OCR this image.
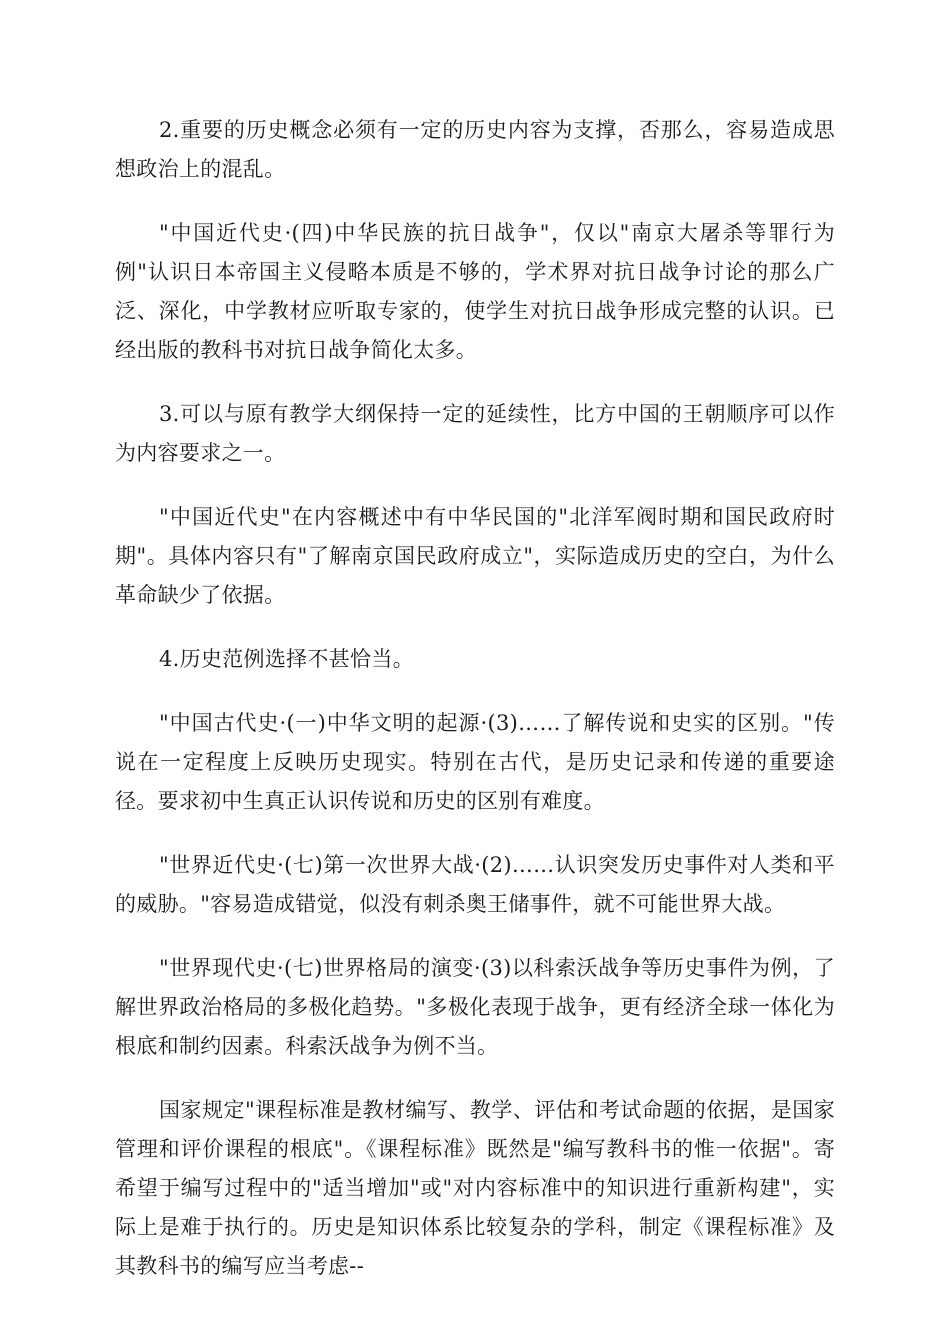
2.重要的历史概念必须有一定的历史内容为支撑，否那么，容易造成思想政治上的混乱。

"中国近代史·(四)中华民族的抗日战争"，仅以"南京大屠杀等罪行为例"认识日本帝国主义侵略本质是不够的，学术界对抗日战争讨论的那么广泛、深化，中学教材应听取专家的，使学生对抗日战争形成完整的认识。已经出版的教科书对抗日战争简化太多。

3.可以与原有教学大纲保持一定的延续性，比方中国的王朝顺序可以作为内容要求之一。

"中国近代史"在内容概述中有中华民国的"北洋军阀时期和国民政府时期"。具体内容只有"了解南京国民政府成立"，实际造成历史的空白，为什么革命缺少了依据。

4.历史范例选择不甚恰当。

"中国古代史·(一)中华文明的起源·(3)……了解传说和史实的区别。"传说在一定程度上反映历史现实。特别在古代，是历史记录和传递的重要途径。要求初中生真正认识传说和历史的区别有难度。

"世界近代史·(七)第一次世界大战·(2)……认识突发历史事件对人类和平的威胁。"容易造成错觉，似没有刺杀奥王储事件，就不可能世界大战。

"世界现代史·(七)世界格局的演变·(3)以科索沃战争等历史事件为例，了解世界政治格局的多极化趋势。"多极化表现于战争，更有经济全球一体化为根底和制约因素。科索沃战争为例不当。

国家规定"课程标准是教材编写、教学、评估和考试命题的依据，是国家管理和评价课程的根底"。《课程标准》既然是"编写教科书的惟一依据"。寄希望于编写过程中的"适当增加"或"对内容标准中的知识进行重新构建"，实际上是难于执行的。历史是知识体系比较复杂的学科，制定《课程标准》及其教科书的编写应当考虑--
